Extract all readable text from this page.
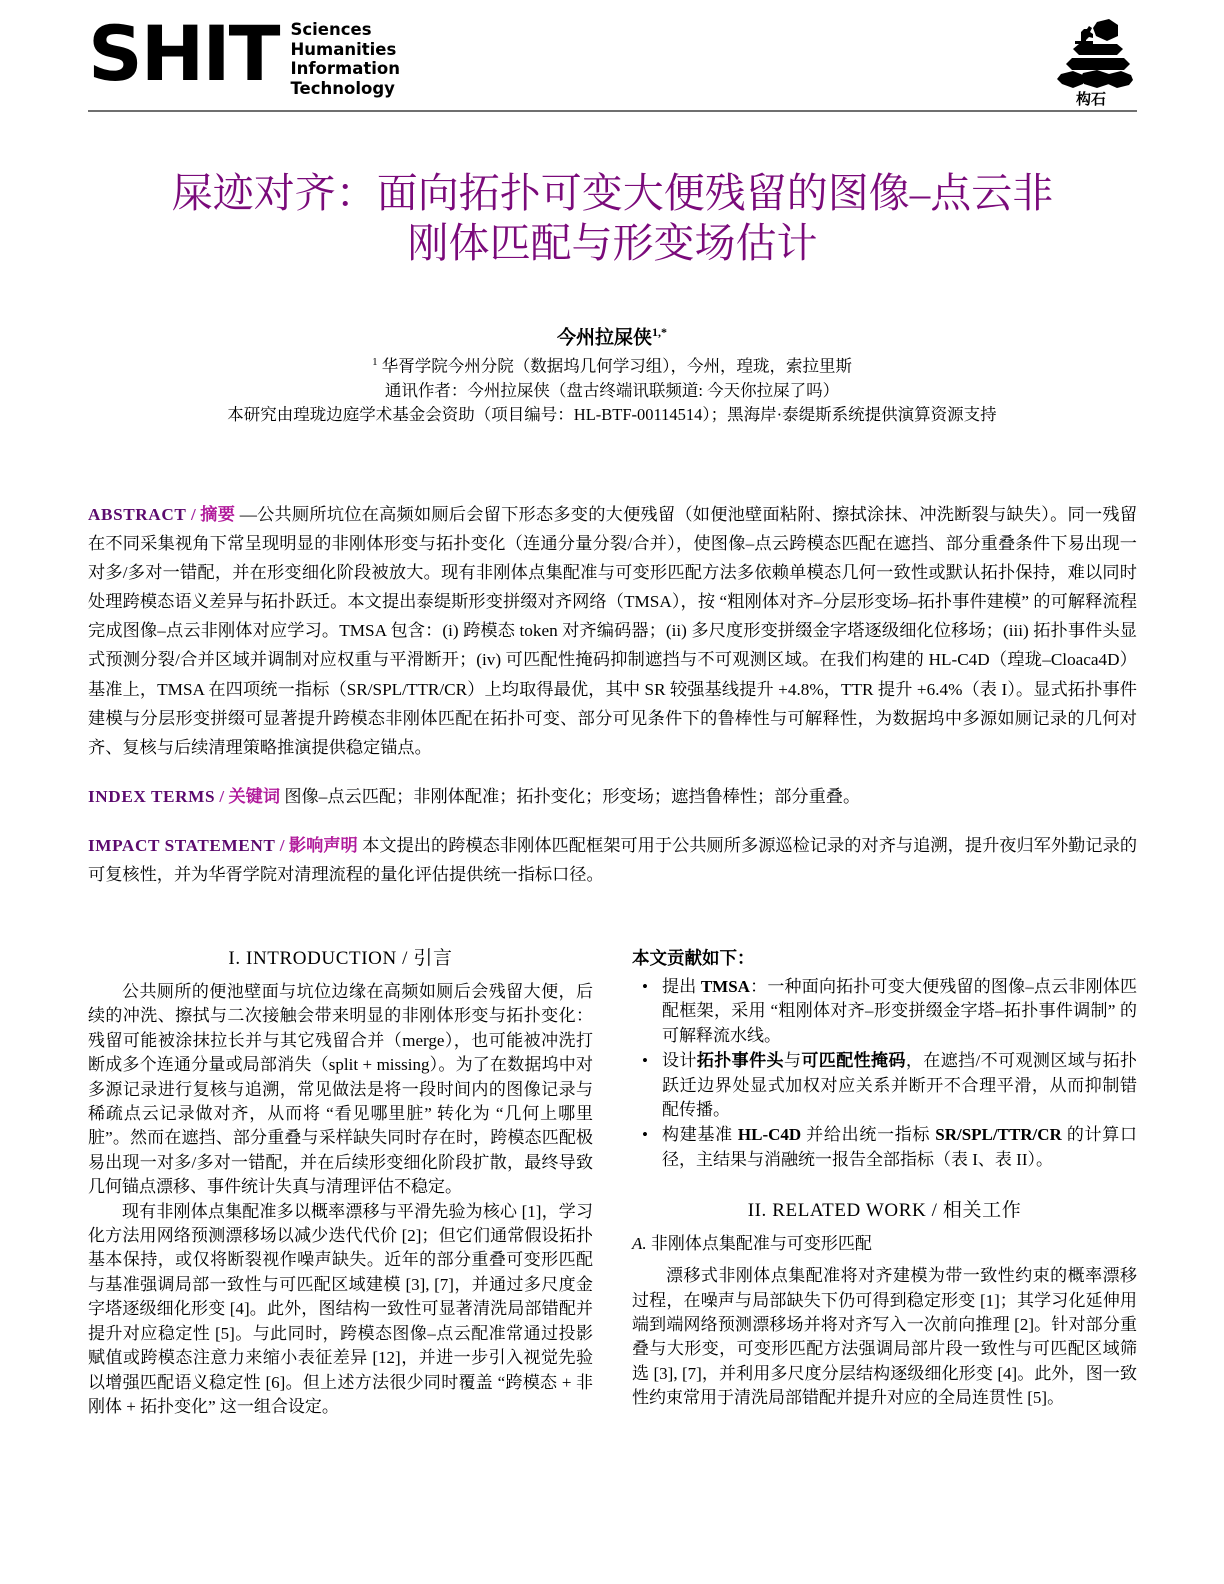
SHIT Sciences
Humanities
Information
Technology
构石
屎迹对齐：面向拓扑可变大便残留的图像–点云非
刚体匹配与形变场估计
今州拉屎侠$^{1,*}$
$^1$ 华胥学院今州分院（数据坞几何学习组），今州，瑝珑，索拉里斯
通讯作者：今州拉屎侠（盘古终端讯联频道: 今天你拉屎了吗）
本研究由瑝珑边庭学术基金会资助（项目编号：HL-BTF-00114514）；黑海岸·泰缇斯系统提供演算资源支持

ABSTRACT / 摘要 —公共厕所坑位在高频如厕后会留下形态多变的大便残留（如便池壁面粘附、擦拭涂抹、冲洗断裂与缺失）。同一残留在不同采集视角下常呈现明显的非刚体形变与拓扑变化（连通分量分裂/合并），使图像–点云跨模态匹配在遮挡、部分重叠条件下易出现一对多/多对一错配，并在形变细化阶段被放大。现有非刚体点集配准与可变形匹配方法多依赖单模态几何一致性或默认拓扑保持，难以同时处理跨模态语义差异与拓扑跃迁。本文提出泰缇斯形变拼缀对齐网络（TMSA），按 “粗刚体对齐–分层形变场–拓扑事件建模” 的可解释流程完成图像–点云非刚体对应学习。TMSA 包含：(i) 跨模态 token 对齐编码器；(ii) 多尺度形变拼缀金字塔逐级细化位移场；(iii) 拓扑事件头显式预测分裂/合并区域并调制对应权重与平滑断开；(iv) 可匹配性掩码抑制遮挡与不可观测区域。在我们构建的 HL-C4D（瑝珑–Cloaca4D）基准上，TMSA 在四项统一指标（SR/SPL/TTR/CR）上均取得最优，其中 SR 较强基线提升 +4.8%，TTR 提升 +6.4%（表 I）。显式拓扑事件建模与分层形变拼缀可显著提升跨模态非刚体匹配在拓扑可变、部分可见条件下的鲁棒性与可解释性，为数据坞中多源如厕记录的几何对齐、复核与后续清理策略推演提供稳定锚点。

INDEX TERMS / 关键词 图像–点云匹配；非刚体配准；拓扑变化；形变场；遮挡鲁棒性；部分重叠。

IMPACT STATEMENT / 影响声明 本文提出的跨模态非刚体匹配框架可用于公共厕所多源巡检记录的对齐与追溯，提升夜归军外勤记录的可复核性，并为华胥学院对清理流程的量化评估提供统一指标口径。

I. INTRODUCTION / 引言

公共厕所的便池壁面与坑位边缘在高频如厕后会残留大便，后续的冲洗、擦拭与二次接触会带来明显的非刚体形变与拓扑变化：残留可能被涂抹拉长并与其它残留合并（merge），也可能被冲洗打断成多个连通分量或局部消失（split + missing）。为了在数据坞中对多源记录进行复核与追溯，常见做法是将一段时间内的图像记录与稀疏点云记录做对齐，从而将 “看见哪里脏” 转化为 “几何上哪里脏”。然而在遮挡、部分重叠与采样缺失同时存在时，跨模态匹配极易出现一对多/多对一错配，并在后续形变细化阶段扩散，最终导致几何锚点漂移、事件统计失真与清理评估不稳定。

现有非刚体点集配准多以概率漂移与平滑先验为核心 [1]，学习化方法用网络预测漂移场以减少迭代代价 [2]；但它们通常假设拓扑基本保持，或仅将断裂视作噪声缺失。近年的部分重叠可变形匹配与基准强调局部一致性与可匹配区域建模 [3], [7]，并通过多尺度金字塔逐级细化形变 [4]。此外，图结构一致性可显著清洗局部错配并提升对应稳定性 [5]。与此同时，跨模态图像–点云配准常通过投影赋值或跨模态注意力来缩小表征差异 [12]，并进一步引入视觉先验以增强匹配语义稳定性 [6]。但上述方法很少同时覆盖 “跨模态 + 非刚体 + 拓扑变化” 这一组合设定。

本文贡献如下：
• 提出 TMSA：一种面向拓扑可变大便残留的图像–点云非刚体匹配框架，采用 “粗刚体对齐–形变拼缀金字塔–拓扑事件调制” 的可解释流水线。
• 设计拓扑事件头与可匹配性掩码，在遮挡/不可观测区域与拓扑跃迁边界处显式加权对应关系并断开不合理平滑，从而抑制错配传播。
• 构建基准 HL-C4D 并给出统一指标 SR/SPL/TTR/CR 的计算口径，主结果与消融统一报告全部指标（表 I、表 II）。
II. RELATED WORK / 相关工作
A. 非刚体点集配准与可变形匹配

漂移式非刚体点集配准将对齐建模为带一致性约束的概率漂移过程，在噪声与局部缺失下仍可得到稳定形变 [1]；其学习化延伸用端到端网络预测漂移场并将对齐写入一次前向推理 [2]。针对部分重叠与大形变，可变形匹配方法强调局部片段一致性与可匹配区域筛选 [3], [7]，并利用多尺度分层结构逐级细化形变 [4]。此外，图一致性约束常用于清洗局部错配并提升对应的全局连贯性 [5]。
